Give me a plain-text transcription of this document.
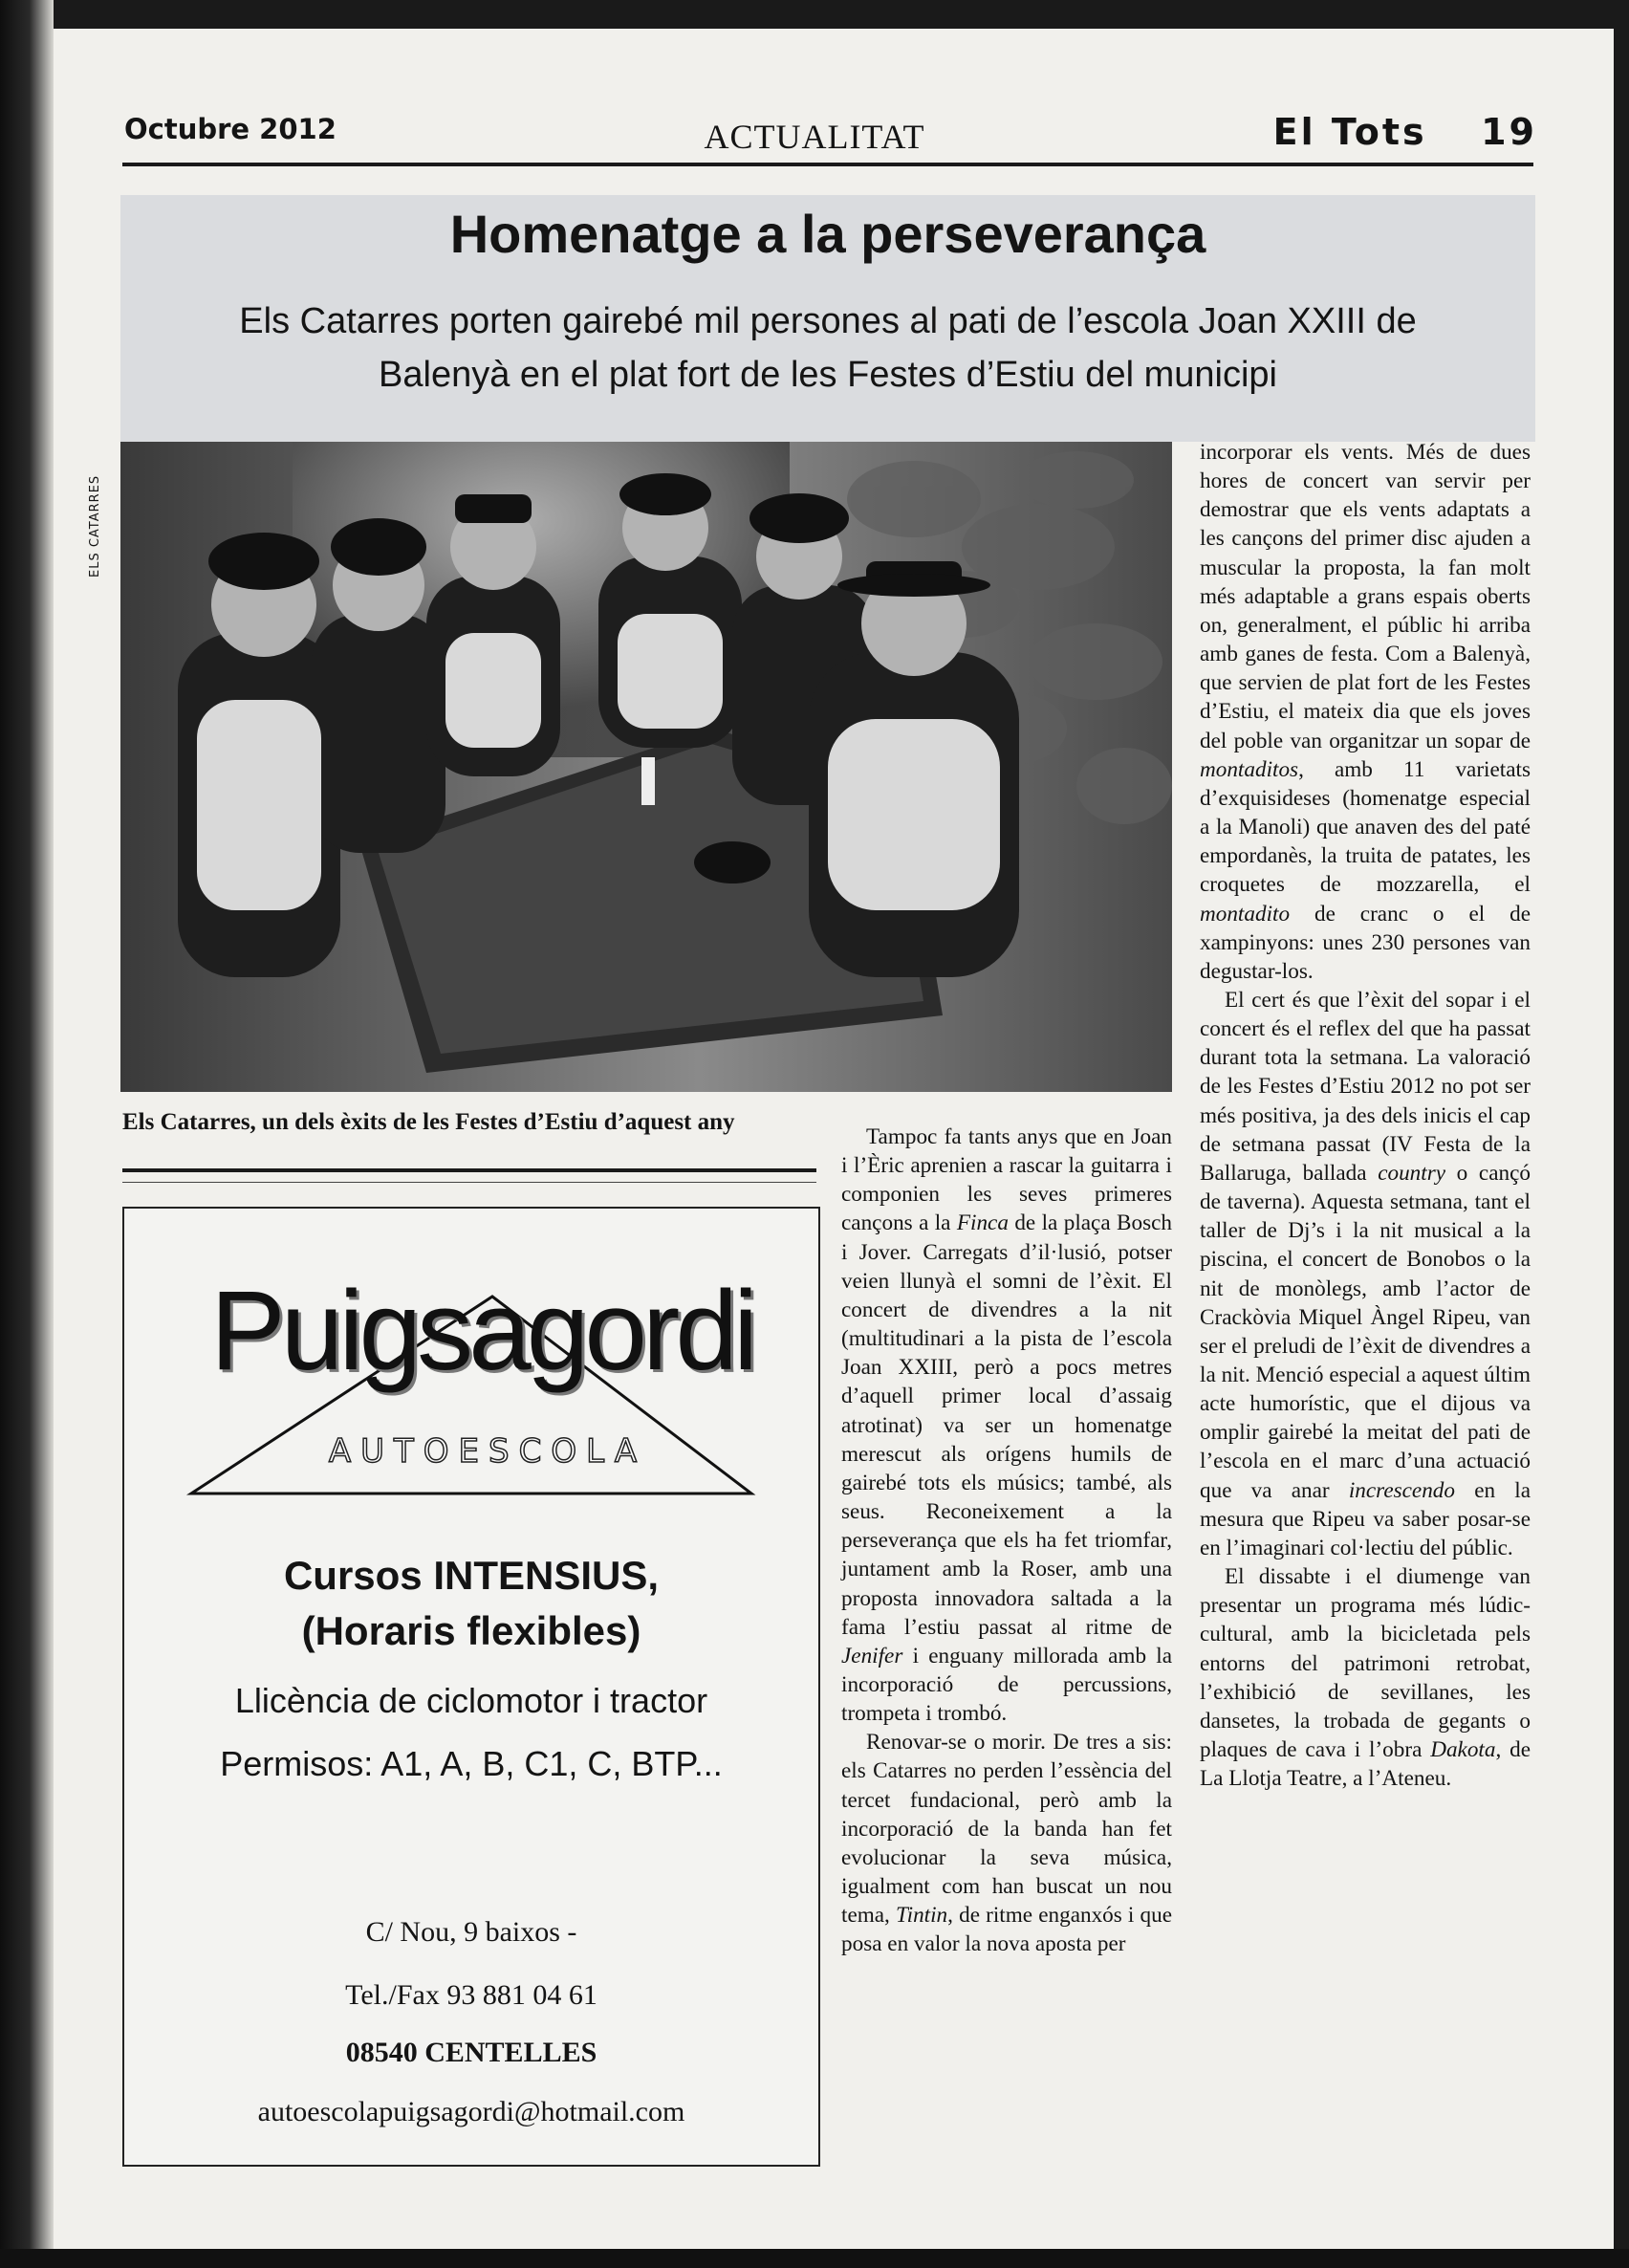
Octubre 2012	ACTUALITAT	El Tots 19
Homenatge a la perseverança
Els Catarres porten gairebé mil persones al pati de l’escola Joan XXIII de
Balenyà en el plat fort de les Festes d’Estiu del municipi
ELS CATARRES
Els Catarres, un dels èxits de les Festes d’Estiu d’aquest any
Puigsagordi
AUTOESCOLA
Cursos INTENSIUS,
(Horaris flexibles)
Llicència de ciclomotor i tractor
Permisos: A1, A, B, C1, C, BTP...
C/ Nou, 9 baixos -
Tel./Fax 93 881 04 61
08540 CENTELLES
autoescolapuigsagordi@hotmail.com

Tampoc fa tants anys que en Joan i l’Èric aprenien a rascar la guitarra i componien les seves primeres cançons a la Finca de la plaça Bosch i Jover. Carregats d’il·lusió, potser veien llunyà el somni de l’èxit. El concert de divendres a la nit (multitudinari a la pista de l’escola Joan XXIII, però a pocs metres d’aquell primer local d’assaig atrotinat) va ser un homenatge merescut als orígens humils de gairebé tots els músics; també, als seus. Reconeixement a la perseverança que els ha fet triomfar, juntament amb la Roser, amb una proposta innovadora saltada a la fama l’estiu passat al ritme de Jenifer i enguany millorada amb la incorporació de percussions, trompeta i trombó.

Renovar-se o morir. De tres a sis: els Catarres no perden l’essència del tercet fundacional, però amb la incorporació de la banda han fet evolucionar la seva música, igualment com han buscat un nou tema, Tintin, de ritme enganxós i que posa en valor la nova aposta per

incorporar els vents. Més de dues hores de concert van servir per demostrar que els vents adaptats a les cançons del primer disc ajuden a muscular la proposta, la fan molt més adaptable a grans espais oberts on, generalment, el públic hi arriba amb ganes de festa. Com a Balenyà, que servien de plat fort de les Festes d’Estiu, el mateix dia que els joves del poble van organitzar un sopar de montaditos, amb 11 varietats d’exquisideses (homenatge especial a la Manoli) que anaven des del paté empordanès, la truita de patates, les croquetes de mozzarella, el montadito de cranc o el de xampinyons: unes 230 persones van degustar-los.

El cert és que l’èxit del sopar i el concert és el reflex del que ha passat durant tota la setmana. La valoració de les Festes d’Estiu 2012 no pot ser més positiva, ja des dels inicis el cap de setmana passat (IV Festa de la Ballaruga, ballada country o cançó de taverna). Aquesta setmana, tant el taller de Dj’s i la nit musical a la piscina, el concert de Bonobos o la nit de monòlegs, amb l’actor de Crackòvia Miquel Àngel Ripeu, van ser el preludi de l’èxit de divendres a la nit. Menció especial a aquest últim acte humorístic, que el dijous va omplir gairebé la meitat del pati de l’escola en el marc d’una actuació que va anar increscendo en la mesura que Ripeu va saber posar-se en l’imaginari col·lectiu del públic.

El dissabte i el diumenge van presentar un programa més lúdic-cultural, amb la bicicletada pels entorns del patrimoni retrobat, l’exhibició de sevillanes, les dansetes, la trobada de gegants o plaques de cava i l’obra Dakota, de La Llotja Teatre, a l’Ateneu.
